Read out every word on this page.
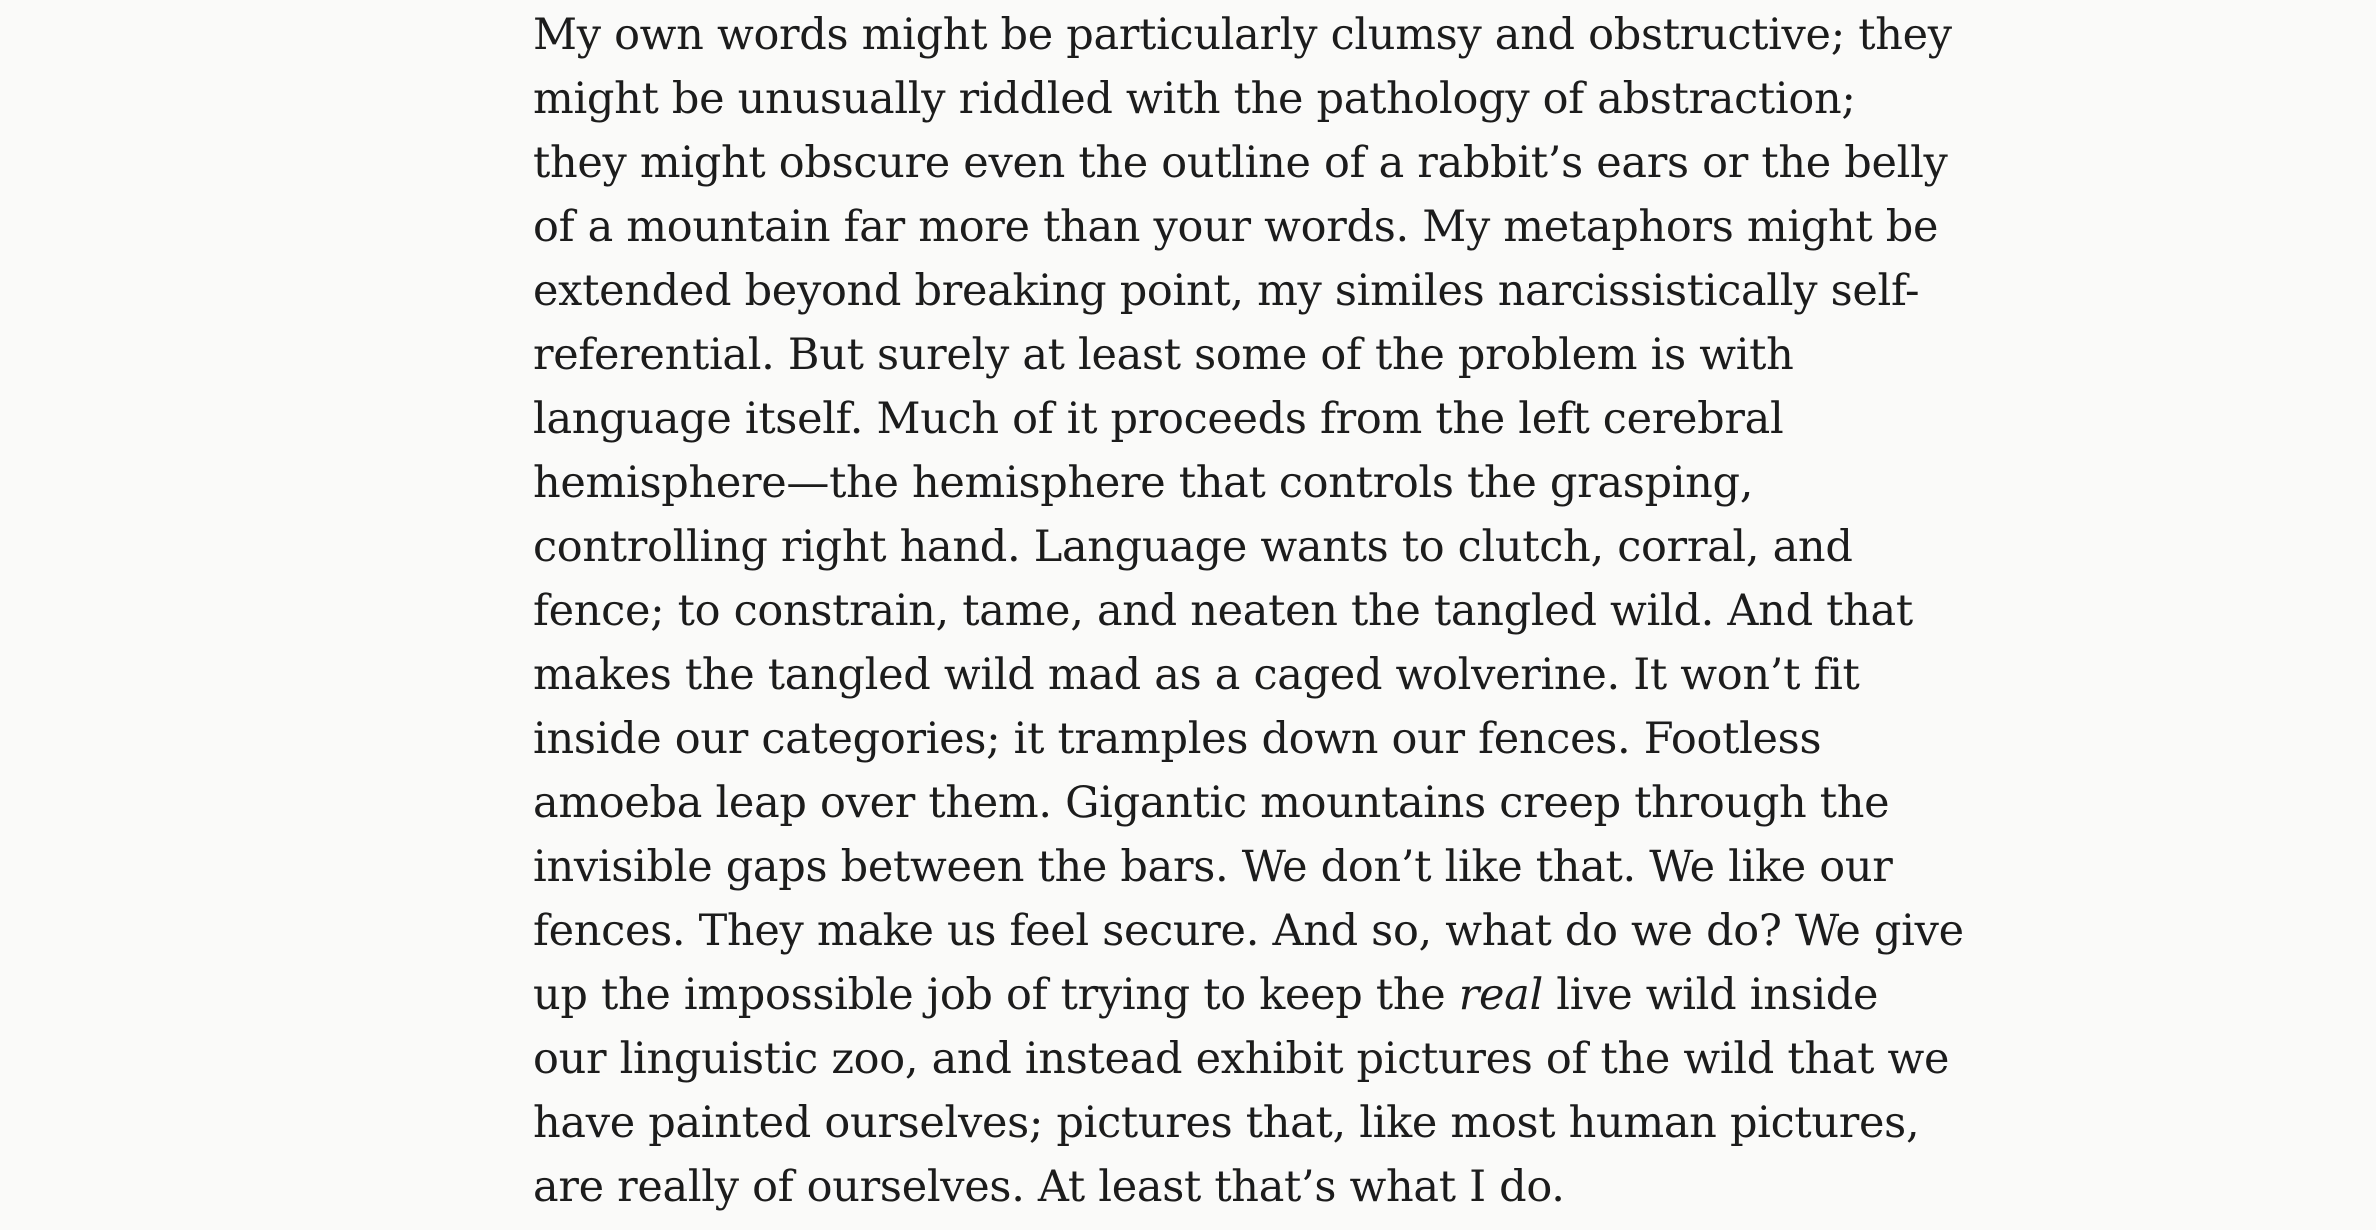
My own words might be particularly clumsy and obstructive; they
might be unusually riddled with the pathology of abstraction;
they might obscure even the outline of a rabbit’s ears or the belly
of a mountain far more than your words. My metaphors might be
extended beyond breaking point, my similes narcissistically self-
referential. But surely at least some of the problem is with
language itself. Much of it proceeds from the left cerebral
hemisphere—the hemisphere that controls the grasping,
controlling right hand. Language wants to clutch, corral, and
fence; to constrain, tame, and neaten the tangled wild. And that
makes the tangled wild mad as a caged wolverine. It won’t fit
inside our categories; it tramples down our fences. Footless
amoeba leap over them. Gigantic mountains creep through the
invisible gaps between the bars. We don’t like that. We like our
fences. They make us feel secure. And so, what do we do? We give
up the impossible job of trying to keep the real live wild inside
our linguistic zoo, and instead exhibit pictures of the wild that we
have painted ourselves; pictures that, like most human pictures,
are really of ourselves. At least that’s what I do.
